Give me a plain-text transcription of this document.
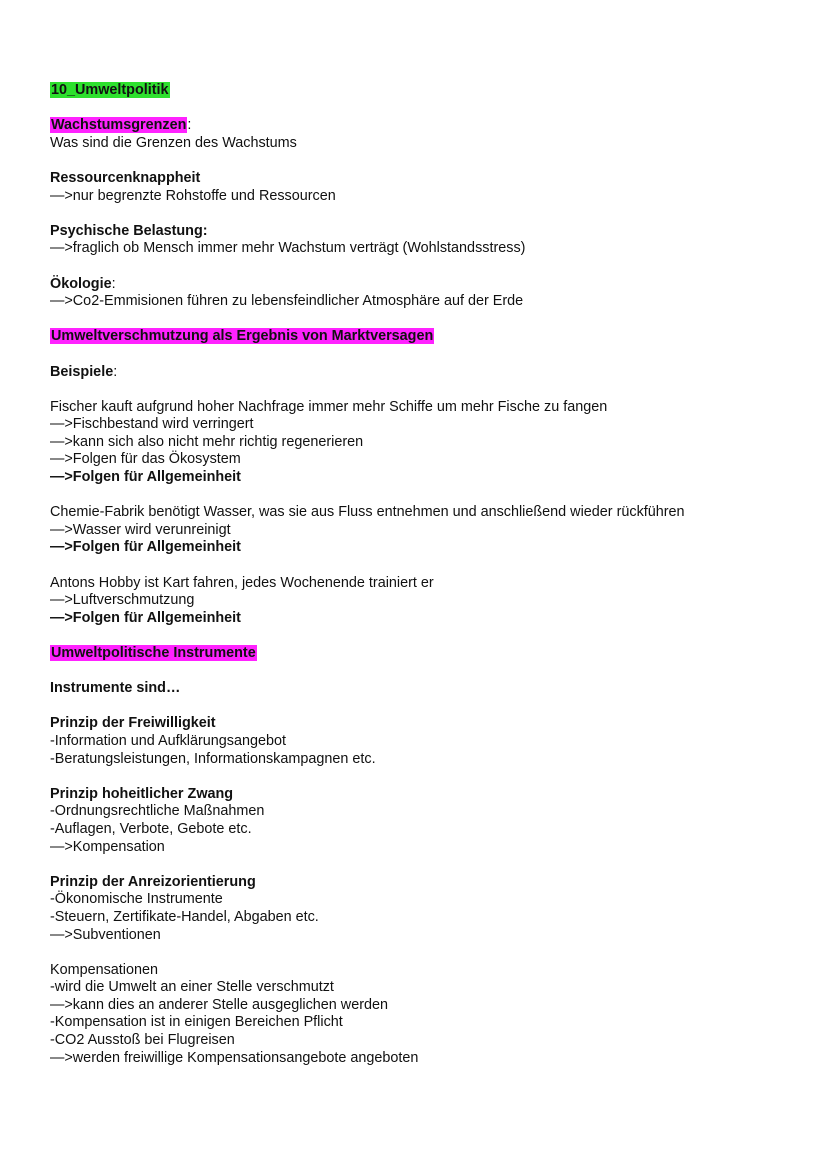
10_Umweltpolitik
Wachstumsgrenzen:
Was sind die Grenzen des Wachstums
Ressourcenknappheit
—>nur begrenzte Rohstoffe und Ressourcen
Psychische Belastung:
—>fraglich ob Mensch immer mehr Wachstum verträgt (Wohlstandsstress)
Ökologie:
—>Co2-Emmisionen führen zu lebensfeindlicher Atmosphäre auf der Erde
Umweltverschmutzung als Ergebnis von Marktversagen
Beispiele:
Fischer kauft aufgrund hoher Nachfrage immer mehr Schiffe um mehr Fische zu fangen
—>Fischbestand wird verringert
—>kann sich also nicht mehr richtig regenerieren
—>Folgen für das Ökosystem
—>Folgen für Allgemeinheit
Chemie-Fabrik benötigt Wasser, was sie aus Fluss entnehmen und anschließend wieder rückführen
—>Wasser wird verunreinigt
—>Folgen für Allgemeinheit
Antons Hobby ist Kart fahren, jedes Wochenende trainiert er
—>Luftverschmutzung
—>Folgen für Allgemeinheit
Umweltpolitische Instrumente
Instrumente sind…
Prinzip der Freiwilligkeit
-Information und Aufklärungsangebot
-Beratungsleistungen, Informationskampagnen etc.
Prinzip hoheitlicher Zwang
-Ordnungsrechtliche Maßnahmen
-Auflagen, Verbote, Gebote etc.
—>Kompensation
Prinzip der Anreizorientierung
-Ökonomische Instrumente
-Steuern, Zertifikate-Handel, Abgaben etc.
—>Subventionen
Kompensationen
-wird die Umwelt an einer Stelle verschmutzt
—>kann dies an anderer Stelle ausgeglichen werden
-Kompensation ist in einigen Bereichen Pflicht
-CO2 Ausstoß bei Flugreisen
—>werden freiwillige Kompensationsangebote angeboten
